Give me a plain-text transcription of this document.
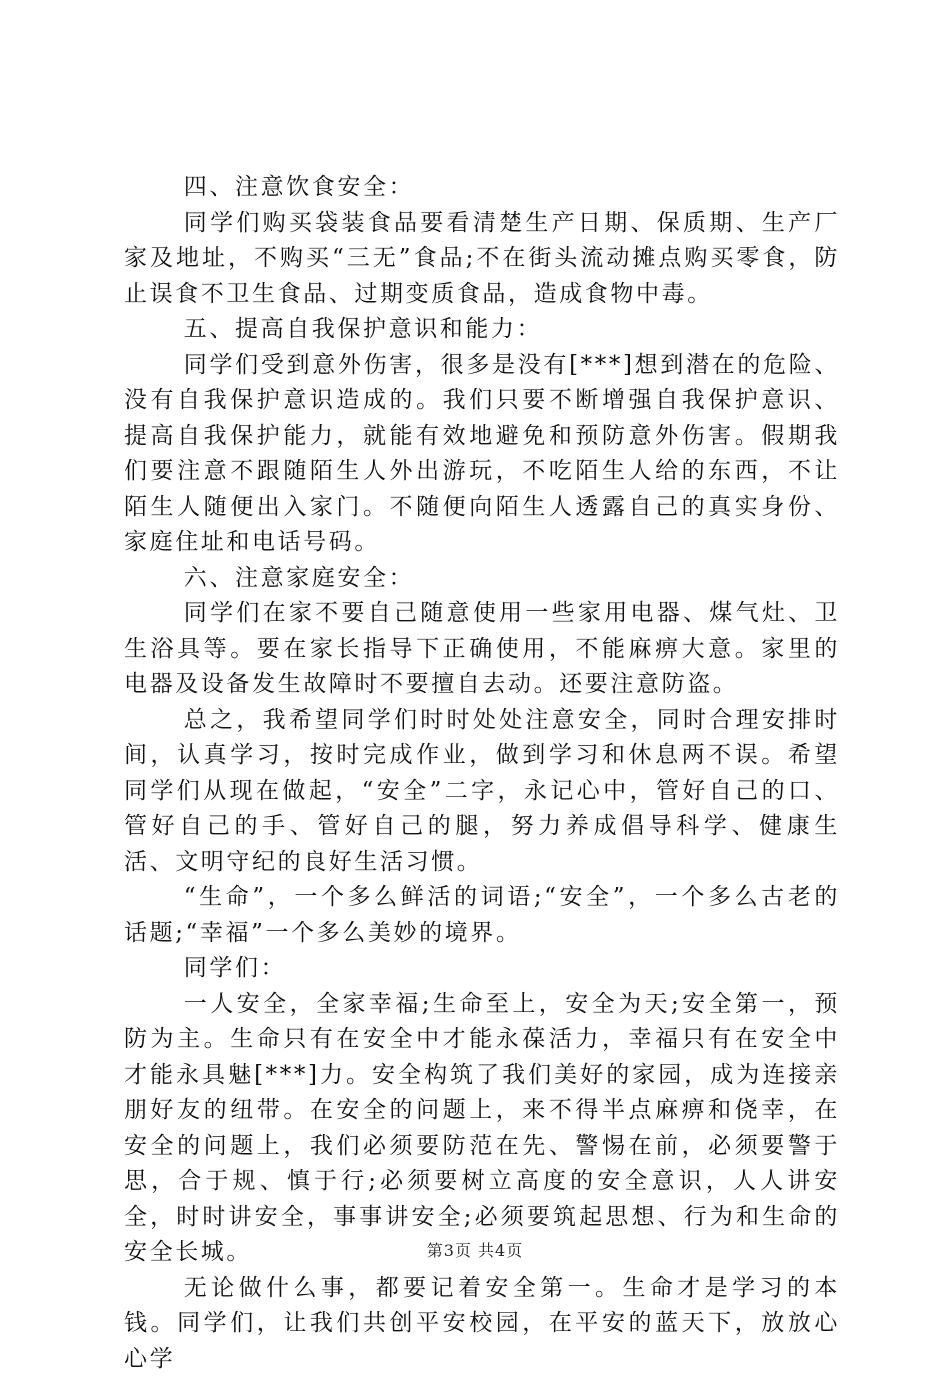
四、注意饮食安全：

同学们购买袋装食品要看清楚生产日期、保质期、生产厂家及地址，不购买“三无”食品;不在街头流动摊点购买零食，防止误食不卫生食品、过期变质食品，造成食物中毒。

五、提高自我保护意识和能力：

同学们受到意外伤害，很多是没有[***]想到潜在的危险、没有自我保护意识造成的。我们只要不断增强自我保护意识、提高自我保护能力，就能有效地避免和预防意外伤害。假期我们要注意不跟随陌生人外出游玩，不吃陌生人给的东西，不让陌生人随便出入家门。不随便向陌生人透露自己的真实身份、家庭住址和电话号码。

六、注意家庭安全：

同学们在家不要自己随意使用一些家用电器、煤气灶、卫生浴具等。要在家长指导下正确使用，不能麻痹大意。家里的电器及设备发生故障时不要擅自去动。还要注意防盗。

总之，我希望同学们时时处处注意安全，同时合理安排时间，认真学习，按时完成作业，做到学习和休息两不误。希望同学们从现在做起，“安全”二字，永记心中，管好自己的口、管好自己的手、管好自己的腿，努力养成倡导科学、健康生活、文明守纪的良好生活习惯。

“生命”，一个多么鲜活的词语;“安全”，一个多么古老的话题;“幸福”一个多么美妙的境界。

同学们：

一人安全，全家幸福;生命至上，安全为天;安全第一，预防为主。生命只有在安全中才能永葆活力，幸福只有在安全中才能永具魅[***]力。安全构筑了我们美好的家园，成为连接亲朋好友的纽带。在安全的问题上，来不得半点麻痹和侥幸，在安全的问题上，我们必须要防范在先、警惕在前，必须要警于思，合于规、慎于行;必须要树立高度的安全意识，人人讲安全，时时讲安全，事事讲安全;必须要筑起思想、行为和生命的安全长城。

无论做什么事，都要记着安全第一。生命才是学习的本钱。同学们，让我们共创平安校园，在平安的蓝天下，放放心心学

第3页 共4页
